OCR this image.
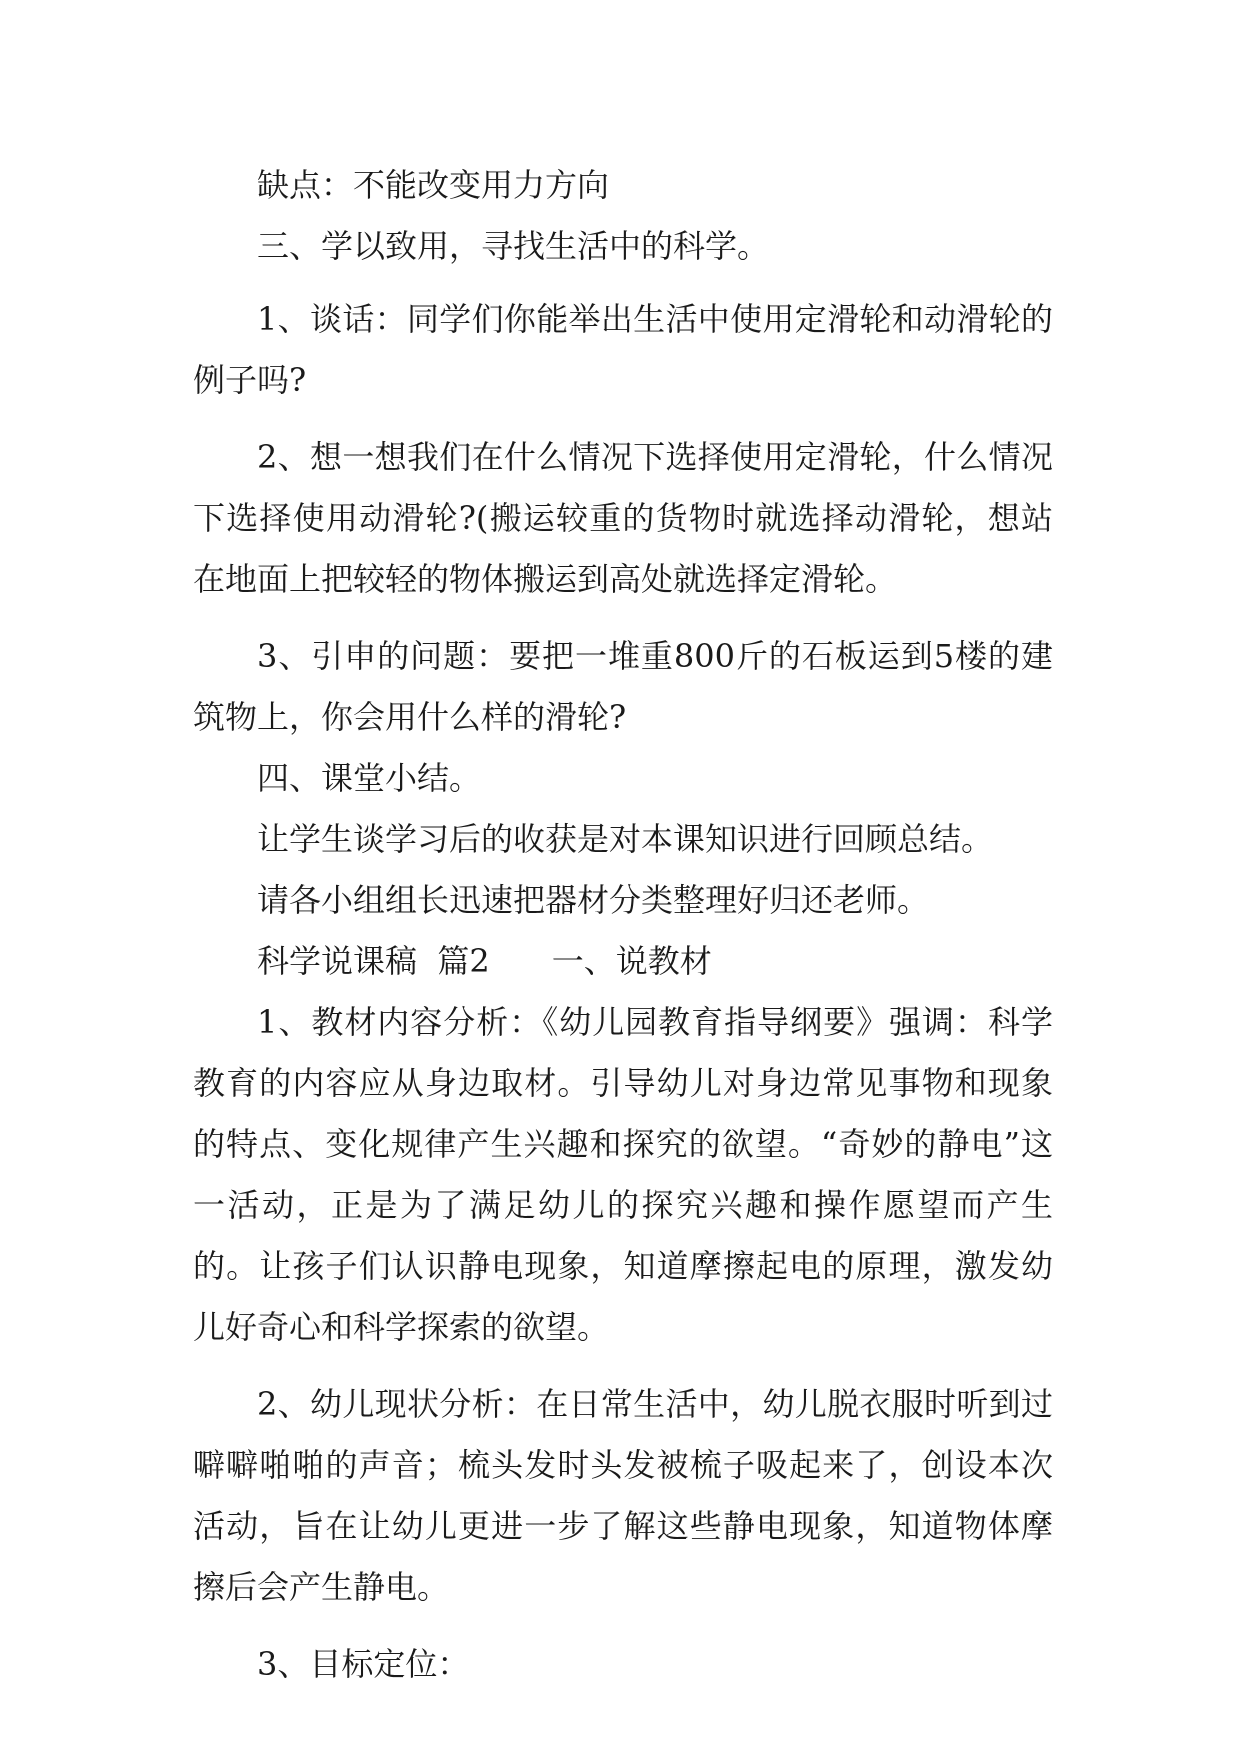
缺点：不能改变用力方向

三、学以致用，寻找生活中的科学。

1、谈话：同学们你能举出生活中使用定滑轮和动滑轮的例子吗?

2、想一想我们在什么情况下选择使用定滑轮，什么情况下选择使用动滑轮?(搬运较重的货物时就选择动滑轮，想站在地面上把较轻的物体搬运到高处就选择定滑轮。

3、引申的问题：要把一堆重800斤的石板运到5楼的建筑物上，你会用什么样的滑轮?

四、课堂小结。

让学生谈学习后的收获是对本课知识进行回顾总结。

请各小组组长迅速把器材分类整理好归还老师。

科学说课稿  篇2 一、说教材

1、教材内容分析：《幼儿园教育指导纲要》强调：科学教育的内容应从身边取材。引导幼儿对身边常见事物和现象的特点、变化规律产生兴趣和探究的欲望。“奇妙的静电”这一活动，正是为了满足幼儿的探究兴趣和操作愿望而产生的。让孩子们认识静电现象，知道摩擦起电的原理，激发幼儿好奇心和科学探索的欲望。

2、幼儿现状分析：在日常生活中，幼儿脱衣服时听到过噼噼啪啪的声音；梳头发时头发被梳子吸起来了，创设本次活动，旨在让幼儿更进一步了解这些静电现象，知道物体摩擦后会产生静电。

3、目标定位：
